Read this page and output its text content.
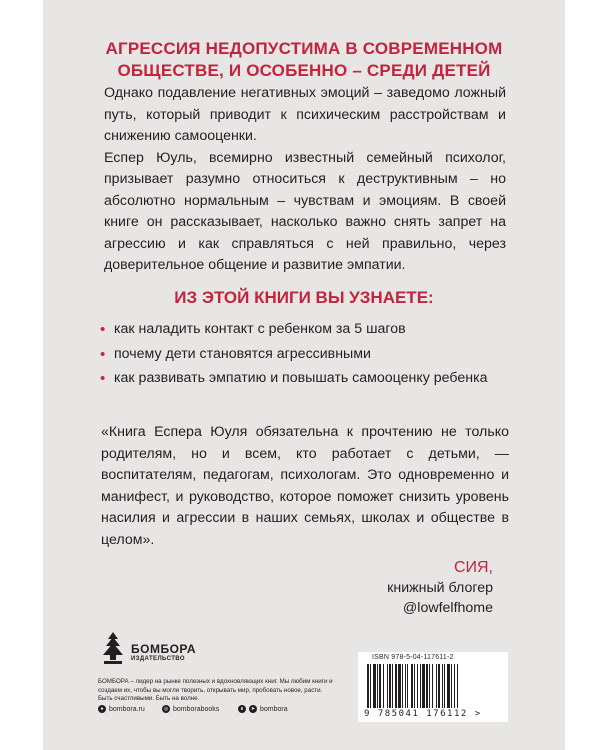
АГРЕССИЯ НЕДОПУСТИМА В СОВРЕМЕННОМ
ОБЩЕСТВЕ, И ОСОБЕННО – СРЕДИ ДЕТЕЙ

Однако подавление негативных эмоций – заведомо ложный путь, который приводит к психическим расстройствам и снижению самооценки.

Еспер Юуль, всемирно известный семейный психолог, призывает разумно относиться к деструктивным – но абсолютно нормальным – чувствам и эмоциям. В своей книге он рассказывает, насколько важно снять запрет на агрессию и как справляться с ней правильно, через доверительное общение и развитие эмпатии.

ИЗ ЭТОЙ КНИГИ ВЫ УЗНАЕТЕ:
• как наладить контакт с ребенком за 5 шагов
• почему дети становятся агрессивными
• как развивать эмпатию и повышать самооценку ребенка

«Книга Еспера Юуля обязательна к прочтению не только родителям, но и всем, кто работает с детьми, — воспитателям, педагогам, психологам. Это одновременно и манифест, и руководство, которое поможет снизить уровень насилия и агрессии в наших семьях, школах и обществе в целом».

СИЯ,
книжный блогер
@lowfelfhome
БОМБОРА
ИЗДАТЕЛЬСТВО

БОМБОРА – лидер на рынке полезных и вдохновляющих книг. Мы любим книги и создаем их, чтобы вы могли творить, открывать мир, пробовать новое, расти. Быть счастливыми. Быть на волне.

● bombora.ru	◎ bomborabooks	в	➤ bombora
ISBN 978-5-04-117611-2
9 785041 176112 >
